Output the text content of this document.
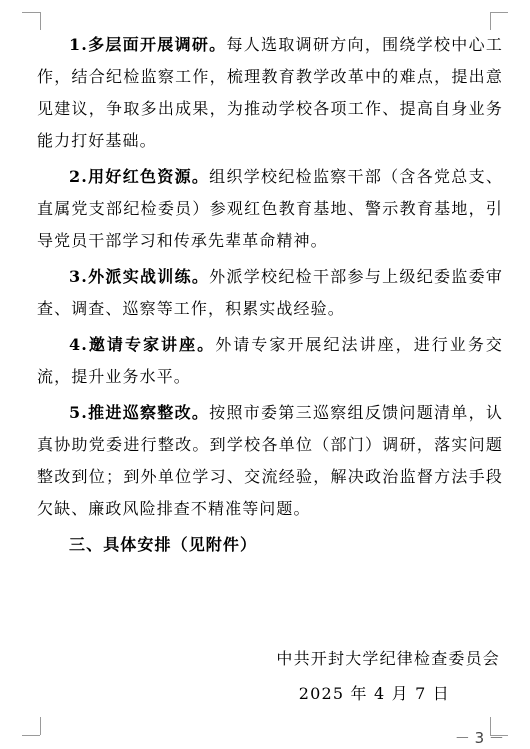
1.多层面开展调研。每人选取调研方向，围绕学校中心工作，结合纪检监察工作，梳理教育教学改革中的难点，提出意见建议，争取多出成果，为推动学校各项工作、提高自身业务能力打好基础。

2.用好红色资源。组织学校纪检监察干部（含各党总支、直属党支部纪检委员）参观红色教育基地、警示教育基地，引导党员干部学习和传承先辈革命精神。

3.外派实战训练。外派学校纪检干部参与上级纪委监委审查、调查、巡察等工作，积累实战经验。

4.邀请专家讲座。外请专家开展纪法讲座，进行业务交流，提升业务水平。

5.推进巡察整改。按照市委第三巡察组反馈问题清单，认真协助党委进行整改。到学校各单位（部门）调研，落实问题整改到位；到外单位学习、交流经验，解决政治监督方法手段欠缺、廉政风险排查不精准等问题。

三、具体安排（见附件）

中共开封大学纪律检查委员会
2025 年 4 月 7 日
－ 3 －
